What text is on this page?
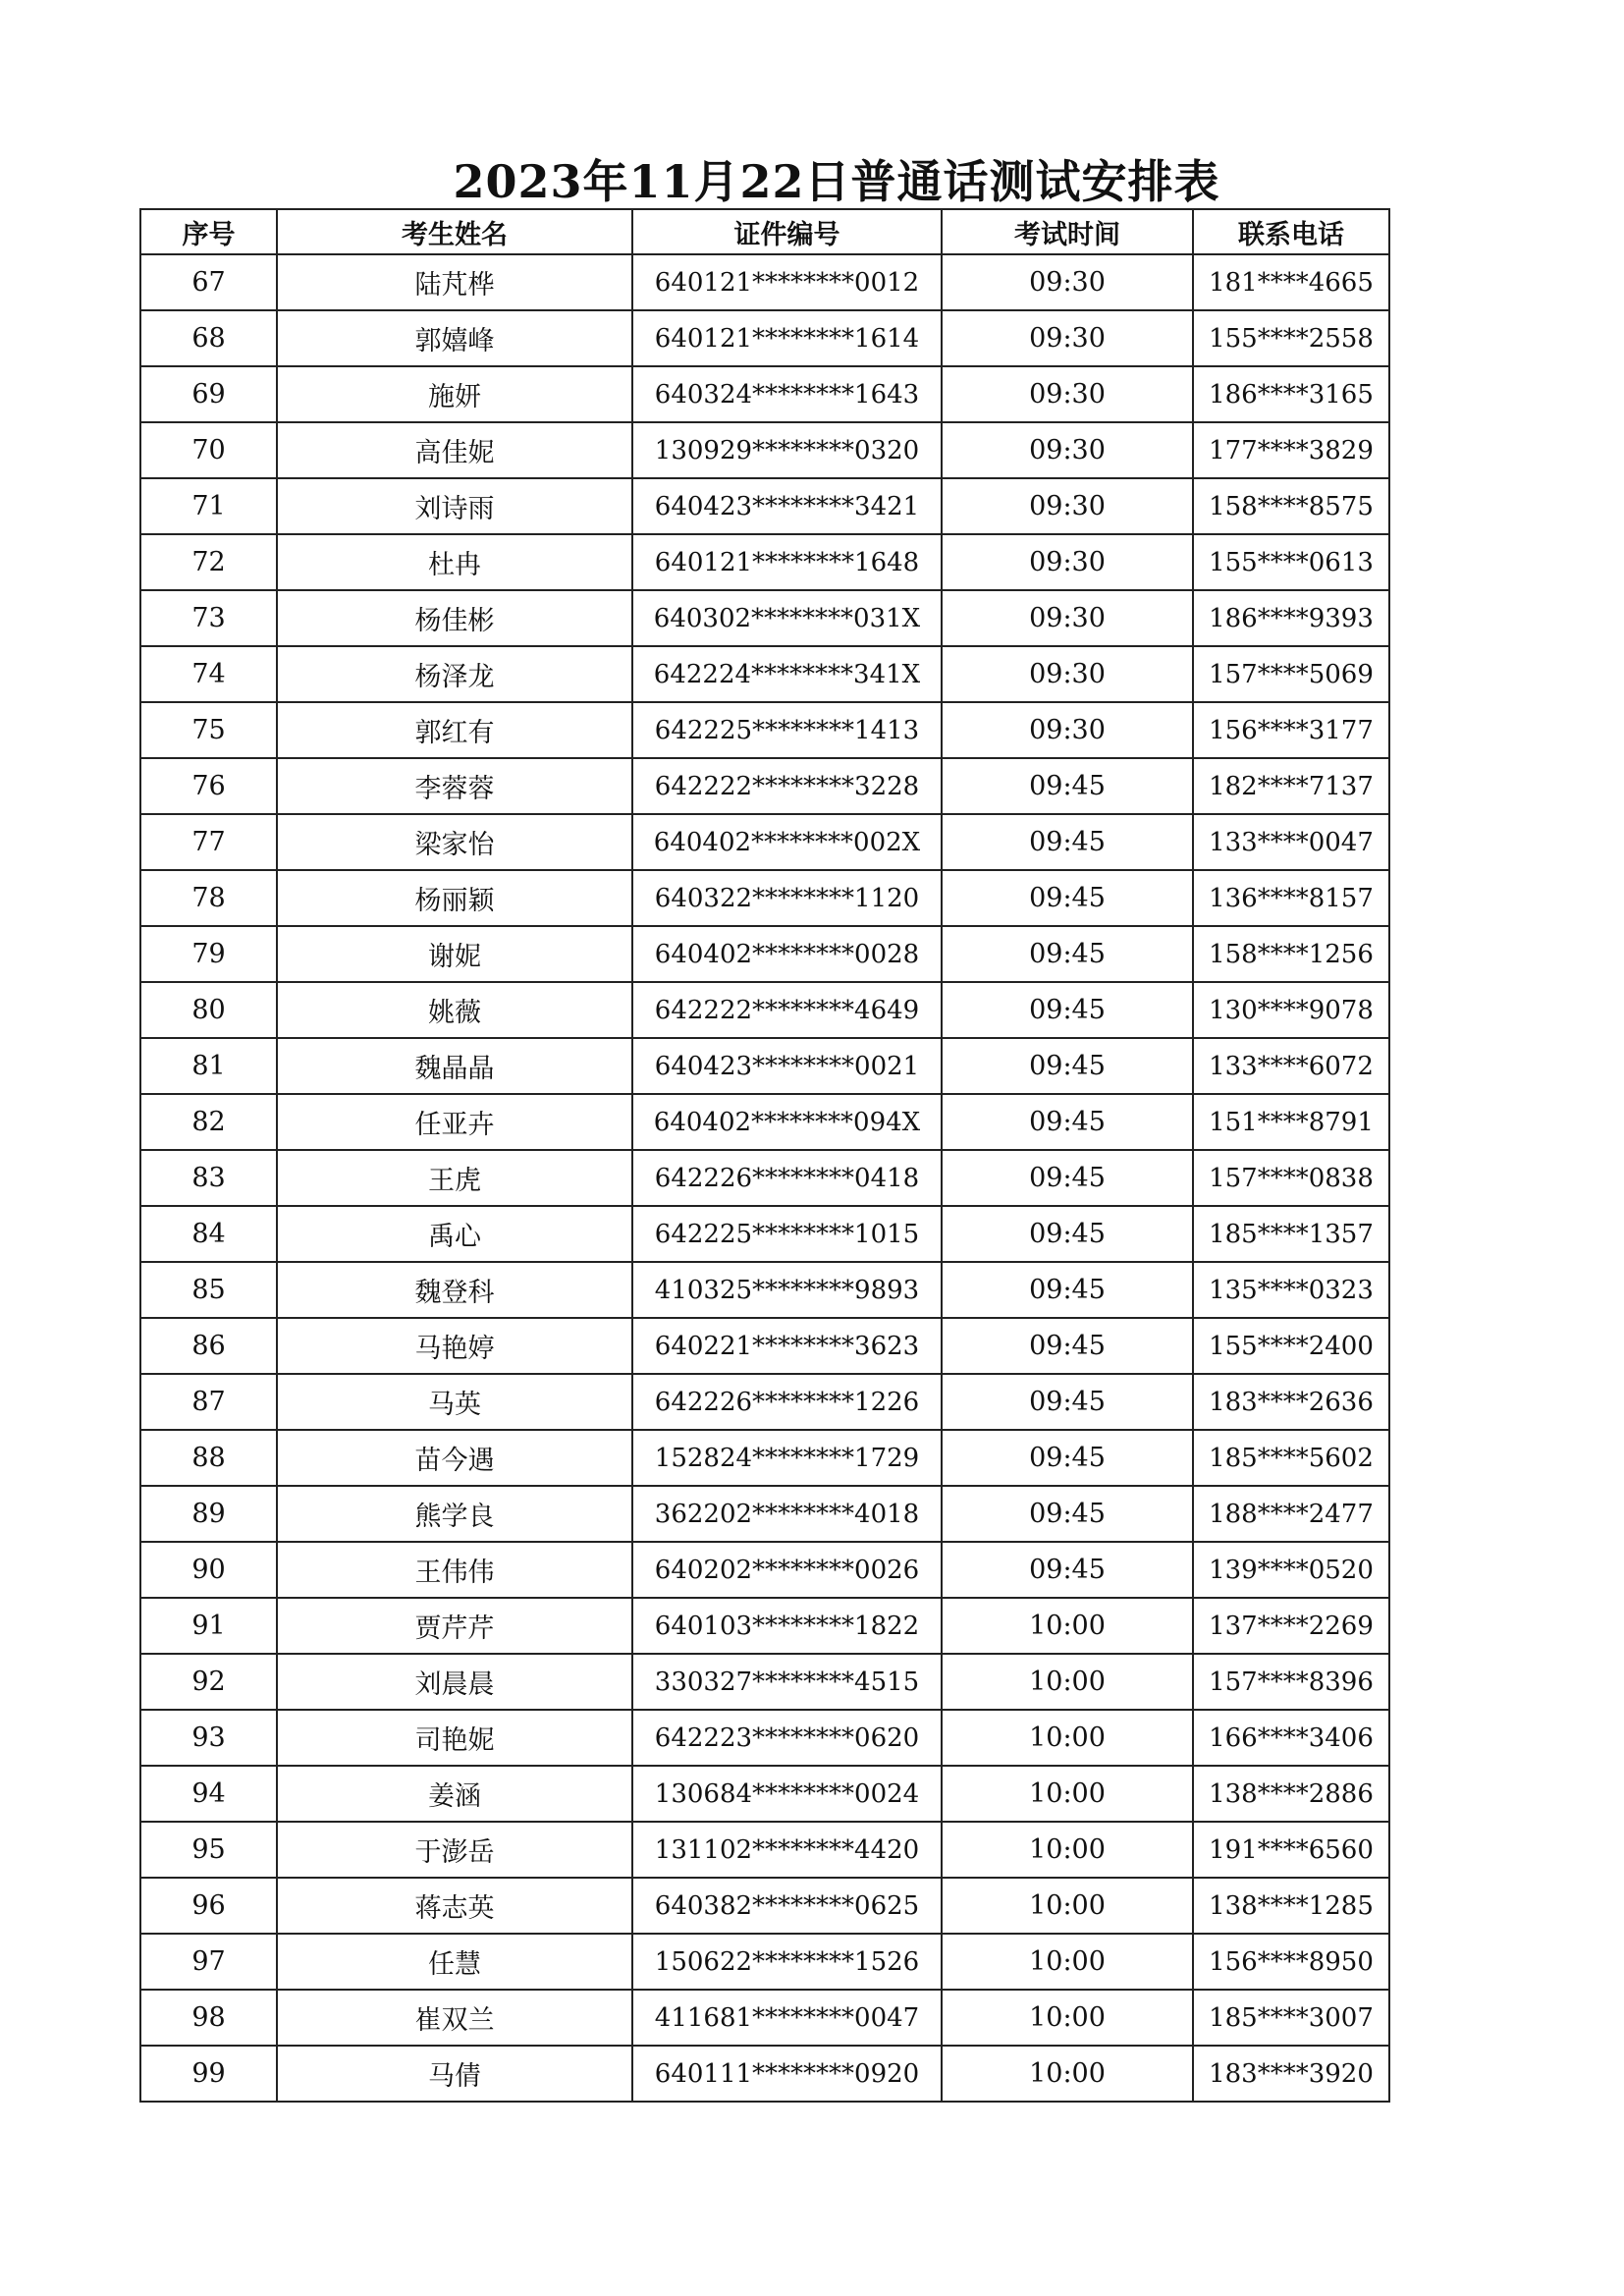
2023年11月22日普通话测试安排表
序号	考生姓名	证件编号	考试时间	联系电话
67	陆芃桦	640121********0012	09:30	181****4665
68	郭嬉峰	640121********1614	09:30	155****2558
69	施妍	640324********1643	09:30	186****3165
70	高佳妮	130929********0320	09:30	177****3829
71	刘诗雨	640423********3421	09:30	158****8575
72	杜冉	640121********1648	09:30	155****0613
73	杨佳彬	640302********031X	09:30	186****9393
74	杨泽龙	642224********341X	09:30	157****5069
75	郭红有	642225********1413	09:30	156****3177
76	李蓉蓉	642222********3228	09:45	182****7137
77	梁家怡	640402********002X	09:45	133****0047
78	杨丽颖	640322********1120	09:45	136****8157
79	谢妮	640402********0028	09:45	158****1256
80	姚薇	642222********4649	09:45	130****9078
81	魏晶晶	640423********0021	09:45	133****6072
82	任亚卉	640402********094X	09:45	151****8791
83	王虎	642226********0418	09:45	157****0838
84	禹心	642225********1015	09:45	185****1357
85	魏登科	410325********9893	09:45	135****0323
86	马艳婷	640221********3623	09:45	155****2400
87	马英	642226********1226	09:45	183****2636
88	苗今遇	152824********1729	09:45	185****5602
89	熊学良	362202********4018	09:45	188****2477
90	王伟伟	640202********0026	09:45	139****0520
91	贾芹芹	640103********1822	10:00	137****2269
92	刘晨晨	330327********4515	10:00	157****8396
93	司艳妮	642223********0620	10:00	166****3406
94	姜涵	130684********0024	10:00	138****2886
95	于澎岳	131102********4420	10:00	191****6560
96	蒋志英	640382********0625	10:00	138****1285
97	任慧	150622********1526	10:00	156****8950
98	崔双兰	411681********0047	10:00	185****3007
99	马倩	640111********0920	10:00	183****3920
